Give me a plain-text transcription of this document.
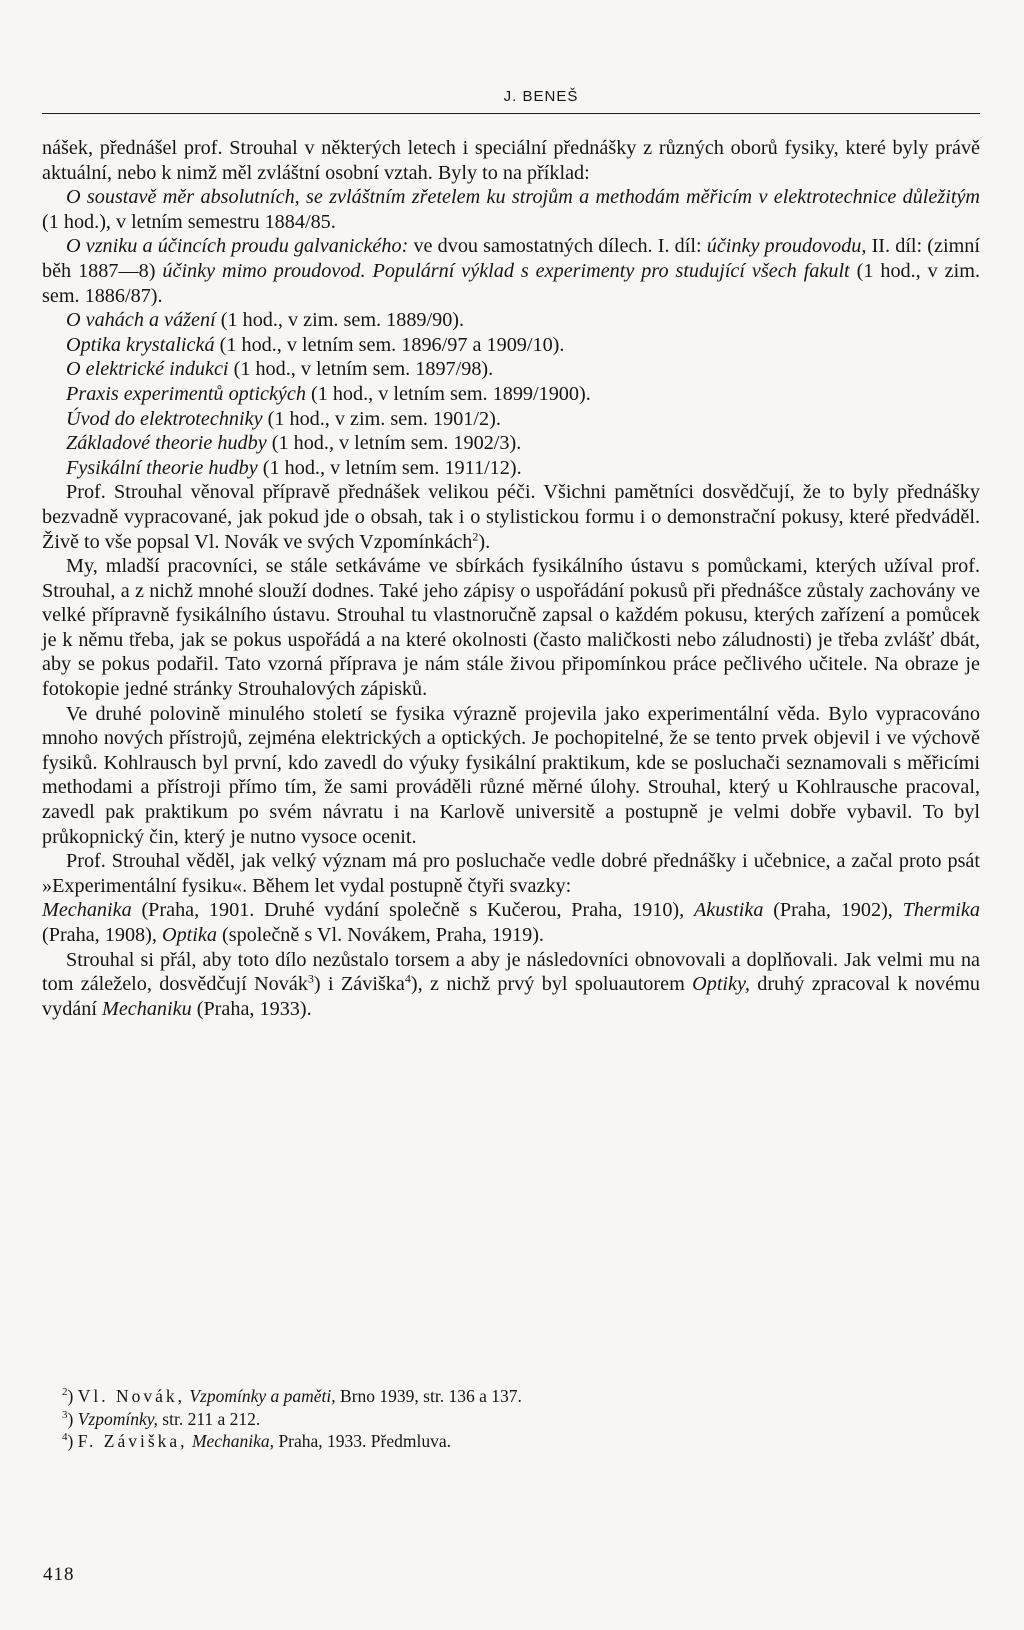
J. BENEŠ

nášek, přednášel prof. Strouhal v některých letech i speciální přednášky z různých oborů fysiky, které byly právě aktuální, nebo k nimž měl zvláštní osobní vztah. Byly to na příklad:

O soustavě měr absolutních, se zvláštním zřetelem ku strojům a methodám měřicím v elektrotechnice důležitým (1 hod.), v letním semestru 1884/85.
O vzniku a účincích proudu galvanického: ve dvou samostatných dílech. I. díl: účinky proudovodu, II. díl: (zimní běh 1887—8) účinky mimo proudovod. Populární výklad s experimenty pro studující všech fakult (1 hod., v zim. sem. 1886/87).
O vahách a vážení (1 hod., v zim. sem. 1889/90).
Optika krystalická (1 hod., v letním sem. 1896/97 a 1909/10).
O elektrické indukci (1 hod., v letním sem. 1897/98).
Praxis experimentů optických (1 hod., v letním sem. 1899/1900).
Úvod do elektrotechniky (1 hod., v zim. sem. 1901/2).
Základové theorie hudby (1 hod., v letním sem. 1902/3).
Fysikální theorie hudby (1 hod., v letním sem. 1911/12).

Prof. Strouhal věnoval přípravě přednášek velikou péči. Všichni pamětníci dosvědčují, že to byly přednášky bezvadně vypracované, jak pokud jde o obsah, tak i o stylistickou formu i o demonstrační pokusy, které předváděl. Živě to vše popsal Vl. Novák ve svých Vzpomínkách$^2$).

My, mladší pracovníci, se stále setkáváme ve sbírkách fysikálního ústavu s pomůckami, kterých užíval prof. Strouhal, a z nichž mnohé slouží dodnes. Také jeho zápisy o uspořádání pokusů při přednášce zůstaly zachovány ve velké přípravně fysikálního ústavu. Strouhal tu vlastnoručně zapsal o každém pokusu, kterých zařízení a pomůcek je k němu třeba, jak se pokus uspořádá a na které okolnosti (často maličkosti nebo záludnosti) je třeba zvlášť dbát, aby se pokus podařil. Tato vzorná příprava je nám stále živou připomínkou práce pečlivého učitele. Na obraze je fotokopie jedné stránky Strouhalových zápisků.

Ve druhé polovině minulého století se fysika výrazně projevila jako experimentální věda. Bylo vypracováno mnoho nových přístrojů, zejména elektrických a optických. Je pochopitelné, že se tento prvek objevil i ve výchově fysiků. Kohlrausch byl první, kdo zavedl do výuky fysikální praktikum, kde se posluchači seznamovali s měřicími methodami a přístroji přímo tím, že sami prováděli různé měrné úlohy. Strouhal, který u Kohlrausche pracoval, zavedl pak praktikum po svém návratu i na Karlově universitě a postupně je velmi dobře vybavil. To byl průkopnický čin, který je nutno vysoce ocenit.

Prof. Strouhal věděl, jak velký význam má pro posluchače vedle dobré přednášky i učebnice, a začal proto psát »Experimentální fysiku«. Během let vydal postupně čtyři svazky:

Mechanika (Praha, 1901. Druhé vydání společně s Kučerou, Praha, 1910), Akustika (Praha, 1902), Thermika (Praha, 1908), Optika (společně s Vl. Novákem, Praha, 1919).

Strouhal si přál, aby toto dílo nezůstalo torsem a aby je následovníci obnovovali a doplňovali. Jak velmi mu na tom záleželo, dosvědčují Novák$^3$) i Záviška$^4$), z nichž prvý byl spoluautorem Optiky, druhý zpracoval k novému vydání Mechaniku (Praha, 1933).

$^2$) Vl. Novák, Vzpomínky a paměti, Brno 1939, str. 136 a 137.
$^3$) Vzpomínky, str. 211 a 212.
$^4$) F. Záviška, Mechanika, Praha, 1933. Předmluva.
418
